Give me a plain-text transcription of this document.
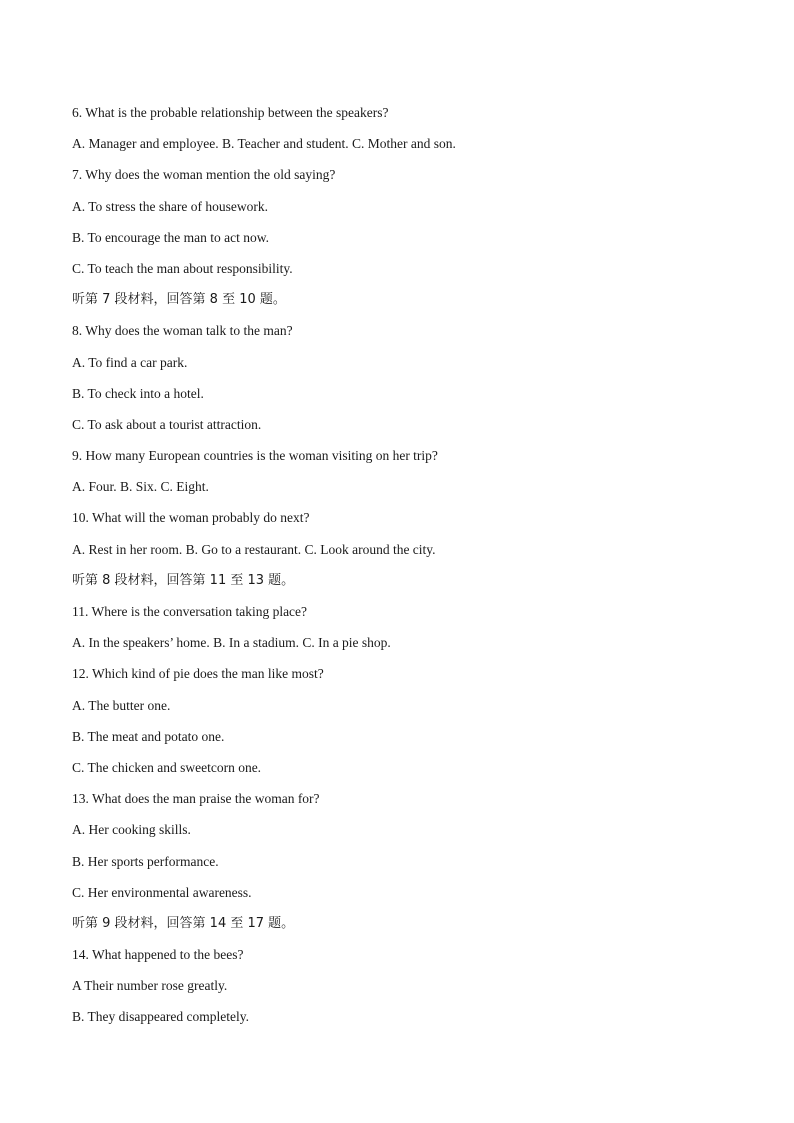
6. What is the probable relationship between the speakers?
A. Manager and employee. B. Teacher and student. C. Mother and son.
7. Why does the woman mention the old saying?
A. To stress the share of housework.
B. To encourage the man to act now.
C. To teach the man about responsibility.
听第 7 段材料，回答第 8 至 10 题。
8. Why does the woman talk to the man?
A. To find a car park.
B. To check into a hotel.
C. To ask about a tourist attraction.
9. How many European countries is the woman visiting on her trip?
A. Four. B. Six. C. Eight.
10. What will the woman probably do next?
A. Rest in her room. B. Go to a restaurant. C. Look around the city.
听第 8 段材料，回答第 11 至 13 题。
11. Where is the conversation taking place?
A. In the speakers’ home. B. In a stadium. C. In a pie shop.
12. Which kind of pie does the man like most?
A. The butter one.
B. The meat and potato one.
C. The chicken and sweetcorn one.
13. What does the man praise the woman for?
A. Her cooking skills.
B. Her sports performance.
C. Her environmental awareness.
听第 9 段材料，回答第 14 至 17 题。
14. What happened to the bees?
A Their number rose greatly.
B. They disappeared completely.
